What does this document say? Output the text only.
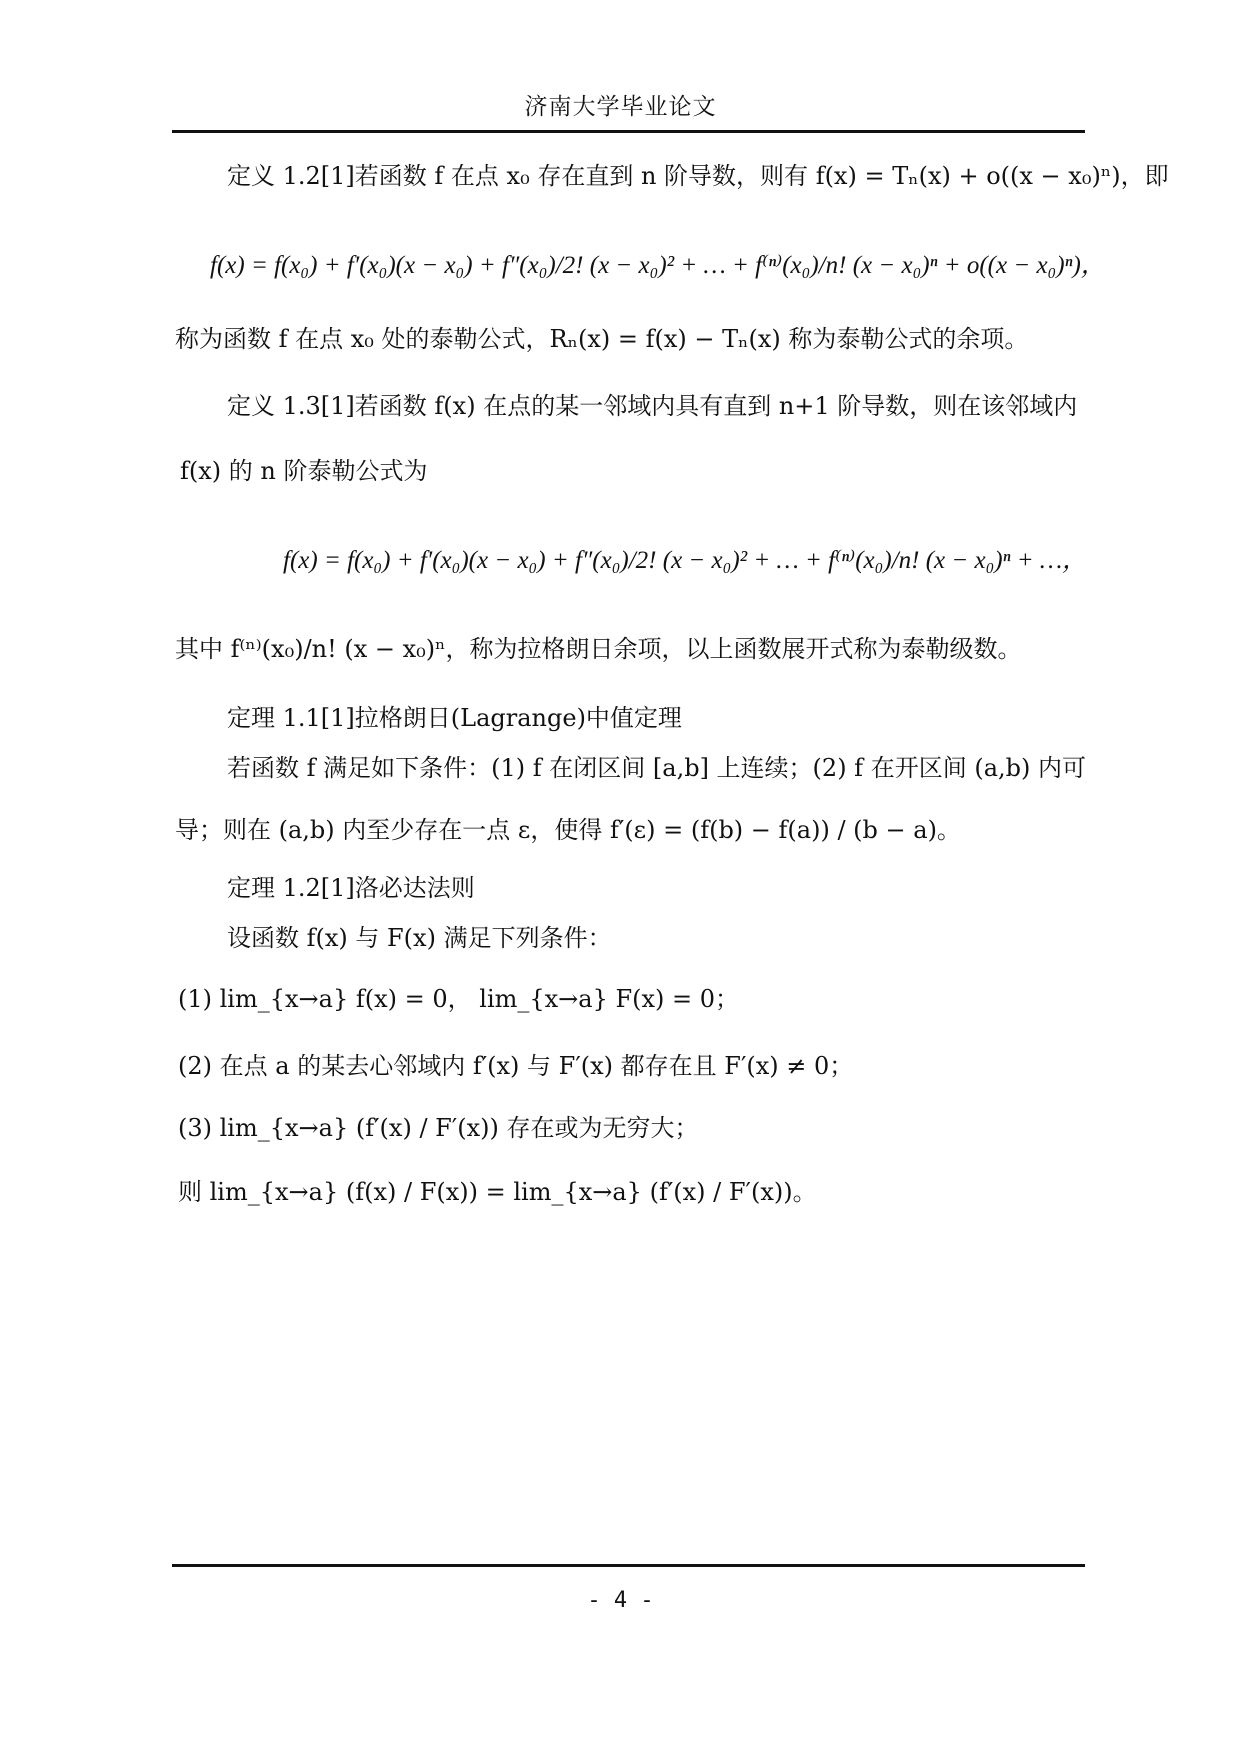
济南大学毕业论文
定义 1.2[1]若函数 f 在点 x₀ 存在直到 n 阶导数，则有 f(x) = Tₙ(x) + o((x − x₀)ⁿ)，即
f(x) = f(x₀) + f′(x₀)(x − x₀) + f″(x₀)/2! (x − x₀)² + … + f⁽ⁿ⁾(x₀)/n! (x − x₀)ⁿ + o((x − x₀)ⁿ)，
称为函数 f 在点 x₀ 处的泰勒公式，Rₙ(x) = f(x) − Tₙ(x) 称为泰勒公式的余项。
定义 1.3[1]若函数 f(x) 在点的某一邻域内具有直到 n+1 阶导数，则在该邻域内
f(x) 的 n 阶泰勒公式为
f(x) = f(x₀) + f′(x₀)(x − x₀) + f″(x₀)/2! (x − x₀)² + … + f⁽ⁿ⁾(x₀)/n! (x − x₀)ⁿ + …，
其中 f⁽ⁿ⁾(x₀)/n! (x − x₀)ⁿ，称为拉格朗日余项，以上函数展开式称为泰勒级数。
定理 1.1[1]拉格朗日(Lagrange)中值定理
若函数 f 满足如下条件：(1) f 在闭区间 [a,b] 上连续；(2) f 在开区间 (a,b) 内可
导；则在 (a,b) 内至少存在一点 ε，使得 f′(ε) = (f(b) − f(a)) / (b − a)。
定理 1.2[1]洛必达法则
设函数 f(x) 与 F(x) 满足下列条件：
(1) lim_{x→a} f(x) = 0， lim_{x→a} F(x) = 0；
(2) 在点 a 的某去心邻域内 f′(x) 与 F′(x) 都存在且 F′(x) ≠ 0；
(3) lim_{x→a} (f′(x) / F′(x)) 存在或为无穷大；
则 lim_{x→a} (f(x) / F(x)) = lim_{x→a} (f′(x) / F′(x))。
- 4 -
